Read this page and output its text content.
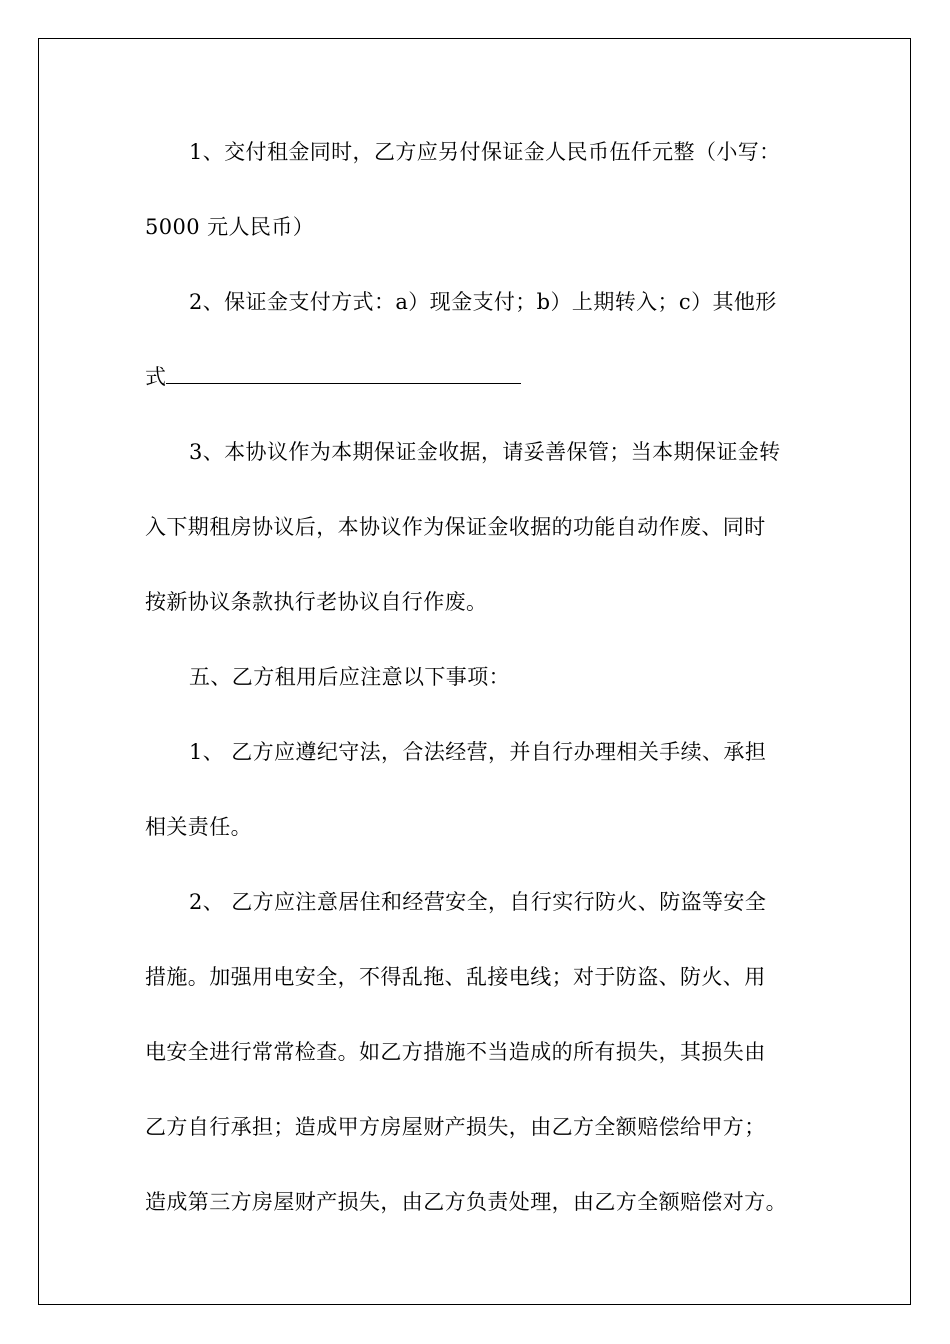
1、交付租金同时，乙方应另付保证金人民币伍仟元整（小写：
5000 元人民币）
2、保证金支付方式：a）现金支付；b）上期转入；c）其他形
式
3、本协议作为本期保证金收据，请妥善保管；当本期保证金转
入下期租房协议后，本协议作为保证金收据的功能自动作废、同时
按新协议条款执行老协议自行作废。
五、乙方租用后应注意以下事项：
1、 乙方应遵纪守法，合法经营，并自行办理相关手续、承担
相关责任。
2、 乙方应注意居住和经营安全，自行实行防火、防盗等安全
措施。加强用电安全，不得乱拖、乱接电线；对于防盗、防火、用
电安全进行常常检查。如乙方措施不当造成的所有损失，其损失由
乙方自行承担；造成甲方房屋财产损失，由乙方全额赔偿给甲方；
造成第三方房屋财产损失，由乙方负责处理，由乙方全额赔偿对方。
